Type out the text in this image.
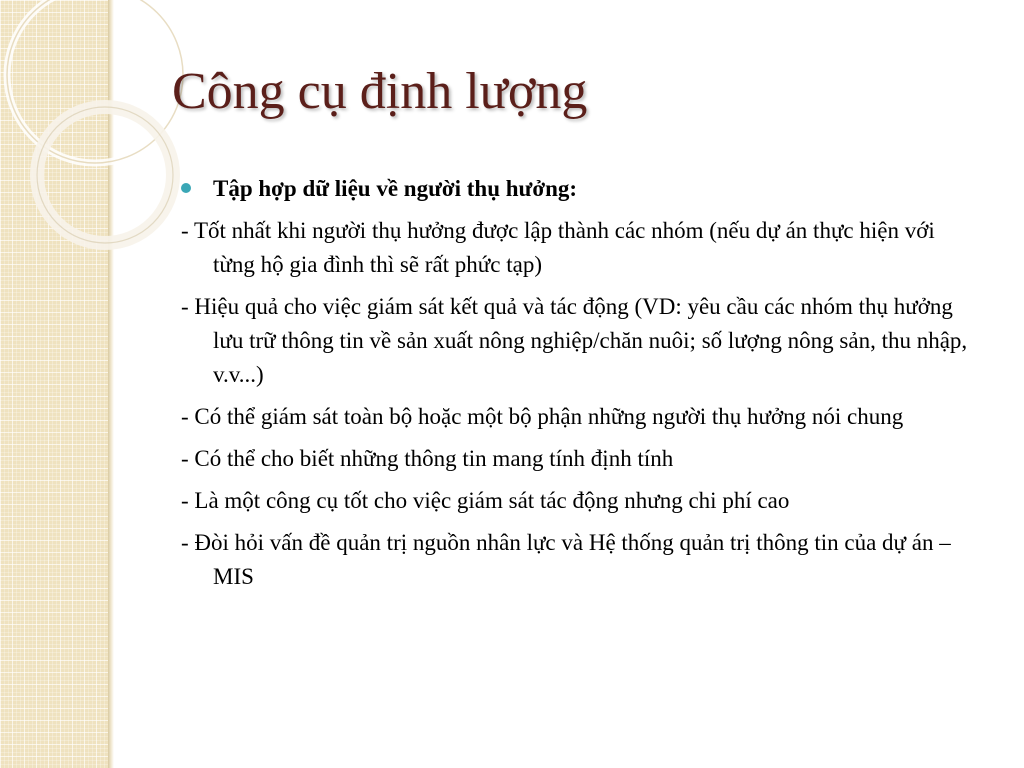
Công cụ định lượng
Tập hợp dữ liệu về người thụ hưởng:
- Tốt nhất khi người thụ hưởng được lập thành các nhóm (nếu dự án thực hiện với từng hộ gia đình thì sẽ rất phức tạp)
- Hiệu quả cho việc giám sát kết quả và tác động (VD: yêu cầu các nhóm thụ hưởng lưu trữ thông tin về sản xuất nông nghiệp/chăn nuôi; số lượng nông sản, thu nhập, v.v...)
- Có thể giám sát toàn bộ hoặc một bộ phận những người thụ hưởng nói chung
- Có thể cho biết những thông tin mang tính định tính
- Là một công cụ tốt cho việc giám sát tác động nhưng chi phí cao
- Đòi hỏi vấn đề quản trị nguồn nhân lực và Hệ thống quản trị thông tin của dự án – MIS
